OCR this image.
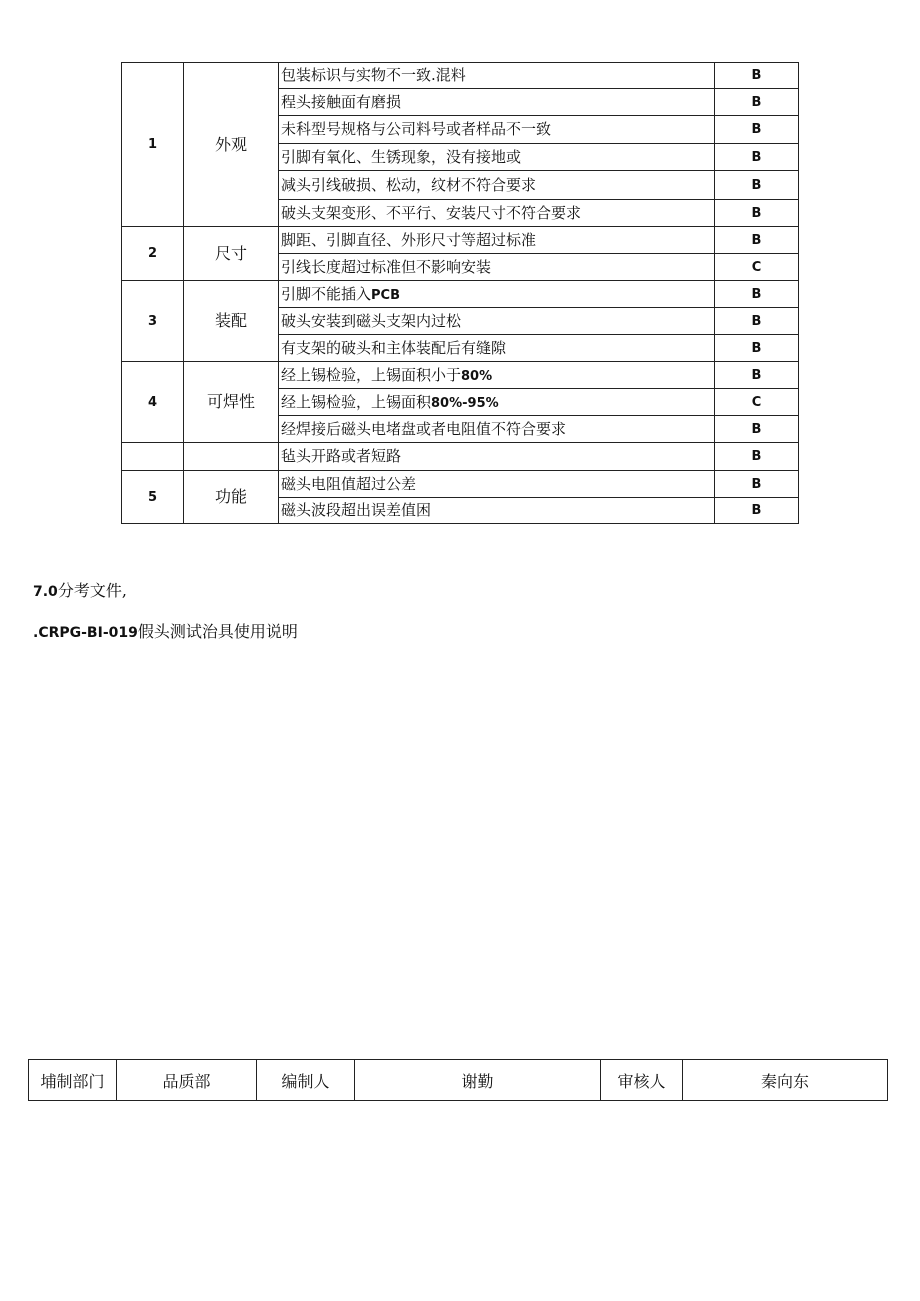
1	外观	包装标识与实物不一致.混料	B
		程头接触面有磨损	B
		未科型号规格与公司料号或者样品不一致	B
		引脚有氧化、生锈现象，没有接地或	B
		减头引线破损、松动，纹材不符合要求	B
		破头支架变形、不平行、安装尺寸不符合要求	B
2	尺寸	脚距、引脚直径、外形尺寸等超过标准	B
		引线长度超过标准但不影响安装	C
3	装配	引脚不能插入PCB	B
		破头安装到磁头支架内过松	B
		有支架的破头和主体装配后有缝隙	B
4	可焊性	经上锡检验，上锡面积小于80%	B
		经上锡检验，上锡面积80%-95%	C
		经焊接后磁头电堵盘或者电阻值不符合要求	B
		毡头开路或者短路	B
5	功能	磁头电阻值超过公差	B
		磁头波段超出误差值困	B
7.0分考文件,
.CRPG-BI-019假头测试治具使用说明
埔制部门	品质部	编制人	谢勤	审核人	秦向东
